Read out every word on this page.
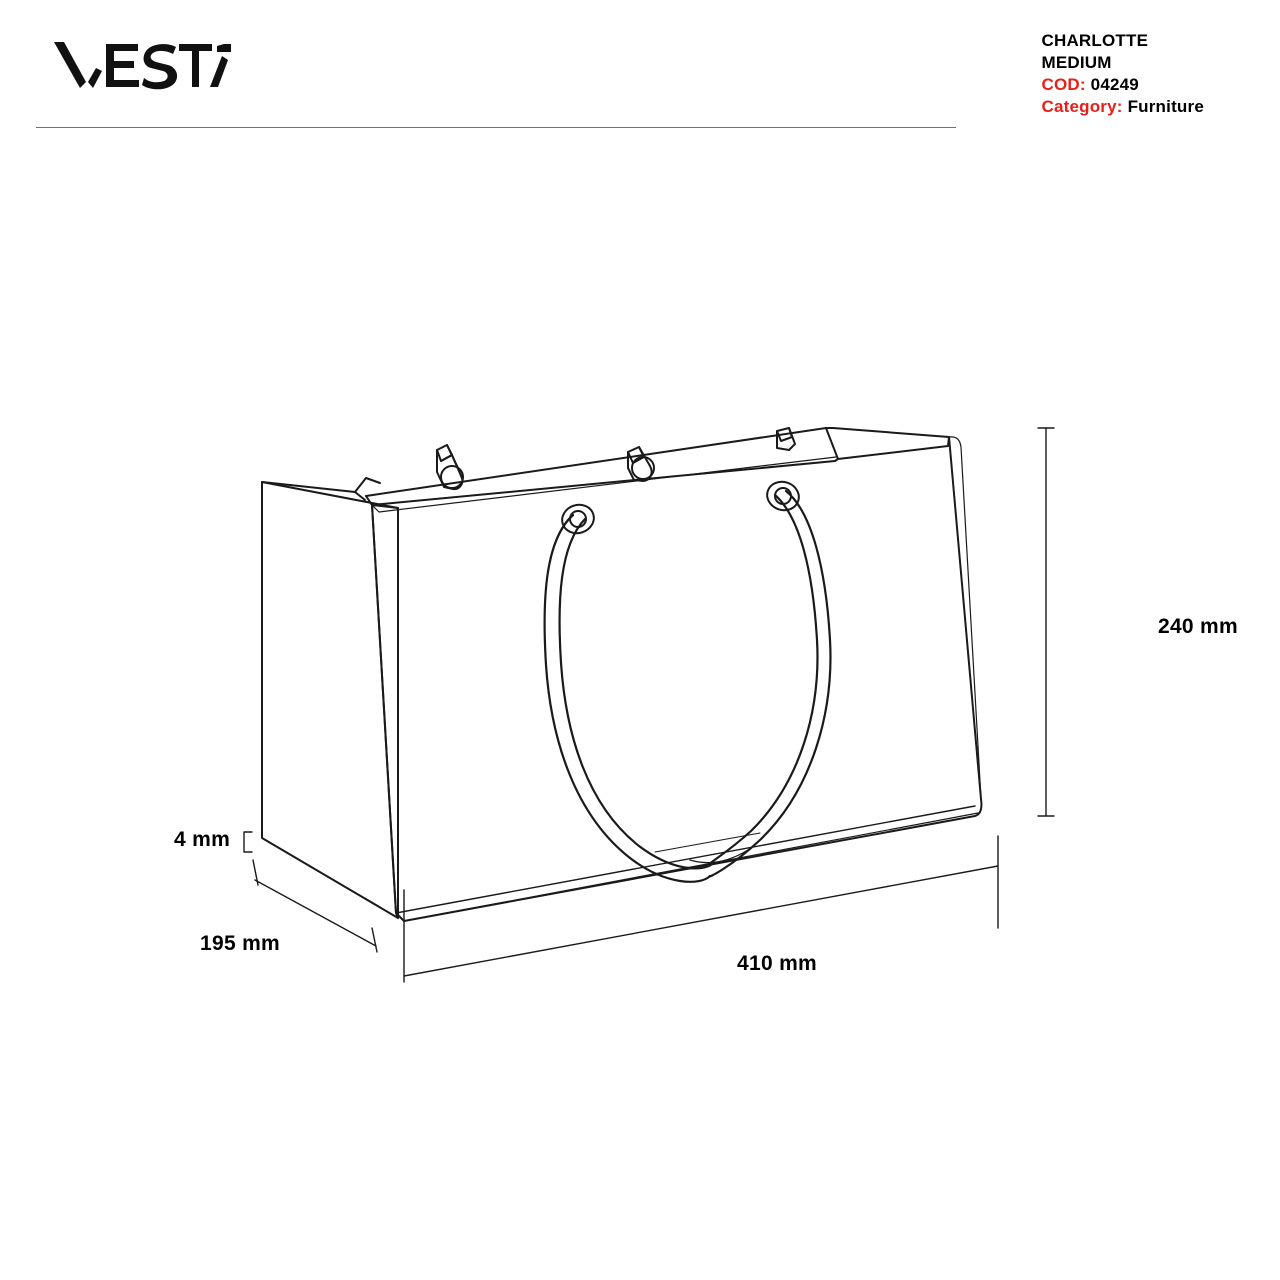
CHARLOTTE
MEDIUM
COD: 04249
Category: Furniture
240 mm
410 mm
195 mm
4 mm
